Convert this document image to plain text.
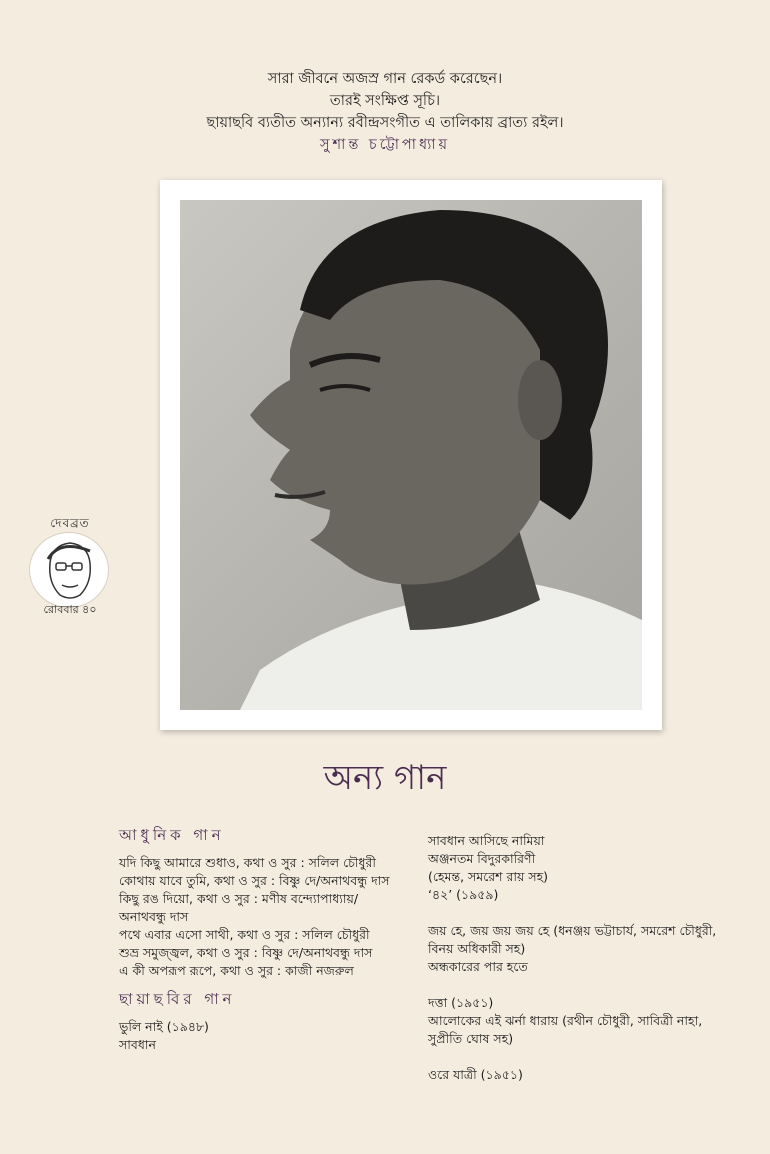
সারা জীবনে অজস্র গান রেকর্ড করেছেন।
তারই সংক্ষিপ্ত সূচি।
ছায়াছবি ব্যতীত অন্যান্য রবীন্দ্রসংগীত এ তালিকায় ব্রাত্য রইল।
সুশান্ত চট্টোপাধ্যায়
দেবব্রত
রোববার ৪০
অন্য গান
আধুনিক গান
যদি কিছু আমারে শুধাও, কথা ও সুর : সলিল চৌধুরী
কোথায় যাবে তুমি, কথা ও সুর : বিষ্ণু দে/অনাথবন্ধু দাস
কিছু রঙ দিয়ো, কথা ও সুর : মণীষ বন্দ্যোপাধ্যায়/
অনাথবন্ধু দাস
পথে এবার এসো সাথী, কথা ও সুর : সলিল চৌধুরী
শুভ্র সমুজ্জ্বল, কথা ও সুর : বিষ্ণু দে/অনাথবন্ধু দাস
এ কী অপরূপ রূপে, কথা ও সুর : কাজী নজরুল
ছায়াছবির গান
ভুলি নাই (১৯৪৮)
সাবধান
সাবধান আসিছে নামিয়া
অঞ্জনতম বিদুরকারিণী
(হেমন্ত, সমরেশ রায় সহ)
‘৪২’ (১৯৫৯)
জয় হে, জয় জয় জয় হে (ধনঞ্জয় ভট্টাচার্য, সমরেশ চৌধুরী,
বিনয় অধিকারী সহ)
অন্ধকারের পার হতে
দত্তা (১৯৫১)
আলোকের এই ঝর্না ধারায় (রথীন চৌধুরী, সাবিত্রী নাহা,
সুপ্রীতি ঘোষ সহ)
ওরে যাত্রী (১৯৫১)
